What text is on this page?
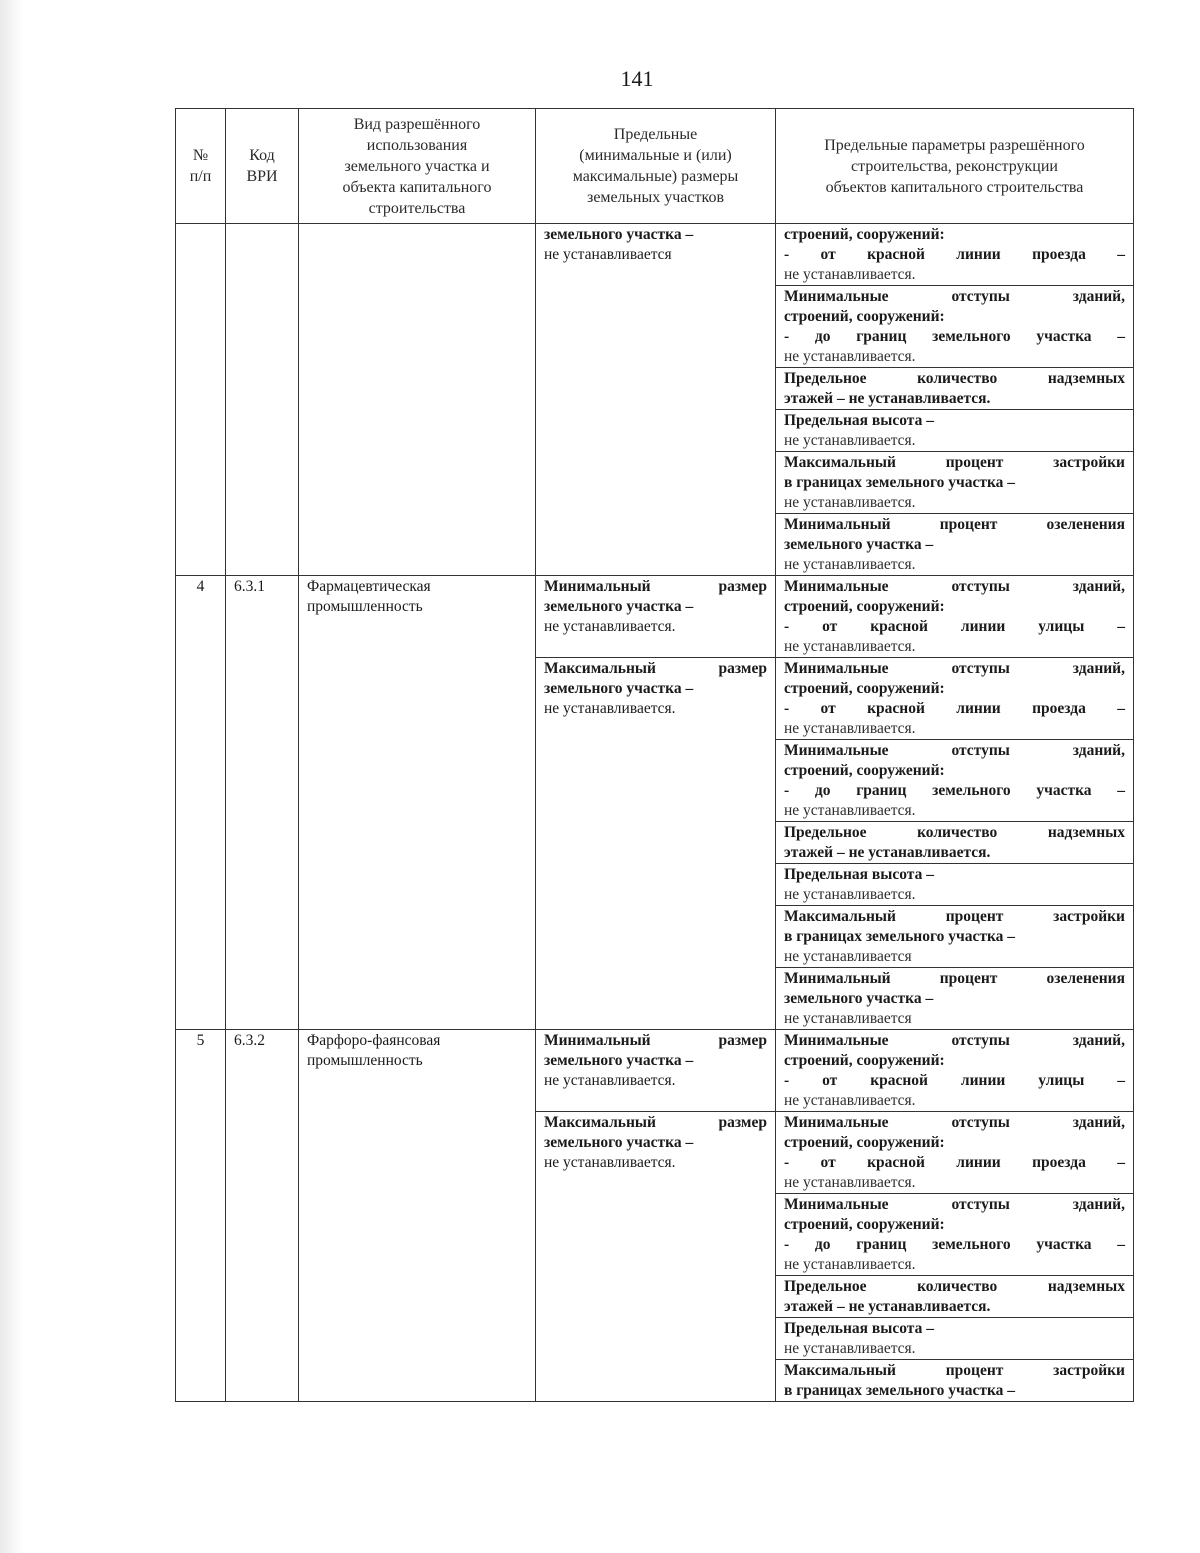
141
№
п/п	Код
ВРИ	Вид разрешённого
использования
земельного участка и
объекта капитального
строительства	Предельные
(минимальные и (или)
максимальные) размеры
земельных участков	Предельные параметры разрешённого
строительства, реконструкции
объектов капитального строительства

			земельного участка –
не устанавливается	строений, сооружений:
- от красной линии проезда –
не устанавливается.

				Минимальные отступы зданий,
строений, сооружений:
- до границ земельного участка –
не устанавливается.

				Предельное количество надземных
этажей – не устанавливается.

				Предельная высота –
не устанавливается.

				Максимальный процент застройки
в границах земельного участка –
не устанавливается.

				Минимальный процент озеленения
земельного участка –
не устанавливается.

4	6.3.1	Фармацевтическая
промышленность	Минимальный размер
земельного участка –
не устанавливается.	Минимальные отступы зданий,
строений, сооружений:
- от красной линии улицы –
не устанавливается.

			Максимальный размер
земельного участка –
не устанавливается.	Минимальные отступы зданий,
строений, сооружений:
- от красной линии проезда –
не устанавливается.

				Минимальные отступы зданий,
строений, сооружений:
- до границ земельного участка –
не устанавливается.

				Предельное количество надземных
этажей – не устанавливается.

				Предельная высота –
не устанавливается.

				Максимальный процент застройки
в границах земельного участка –
не устанавливается

				Минимальный процент озеленения
земельного участка –
не устанавливается

5	6.3.2	Фарфоро-фаянсовая
промышленность	Минимальный размер
земельного участка –
не устанавливается.	Минимальные отступы зданий,
строений, сооружений:
- от красной линии улицы –
не устанавливается.

			Максимальный размер
земельного участка –
не устанавливается.	Минимальные отступы зданий,
строений, сооружений:
- от красной линии проезда –
не устанавливается.

				Минимальные отступы зданий,
строений, сооружений:
- до границ земельного участка –
не устанавливается.

				Предельное количество надземных
этажей – не устанавливается.

				Предельная высота –
не устанавливается.

				Максимальный процент застройки
в границах земельного участка –
